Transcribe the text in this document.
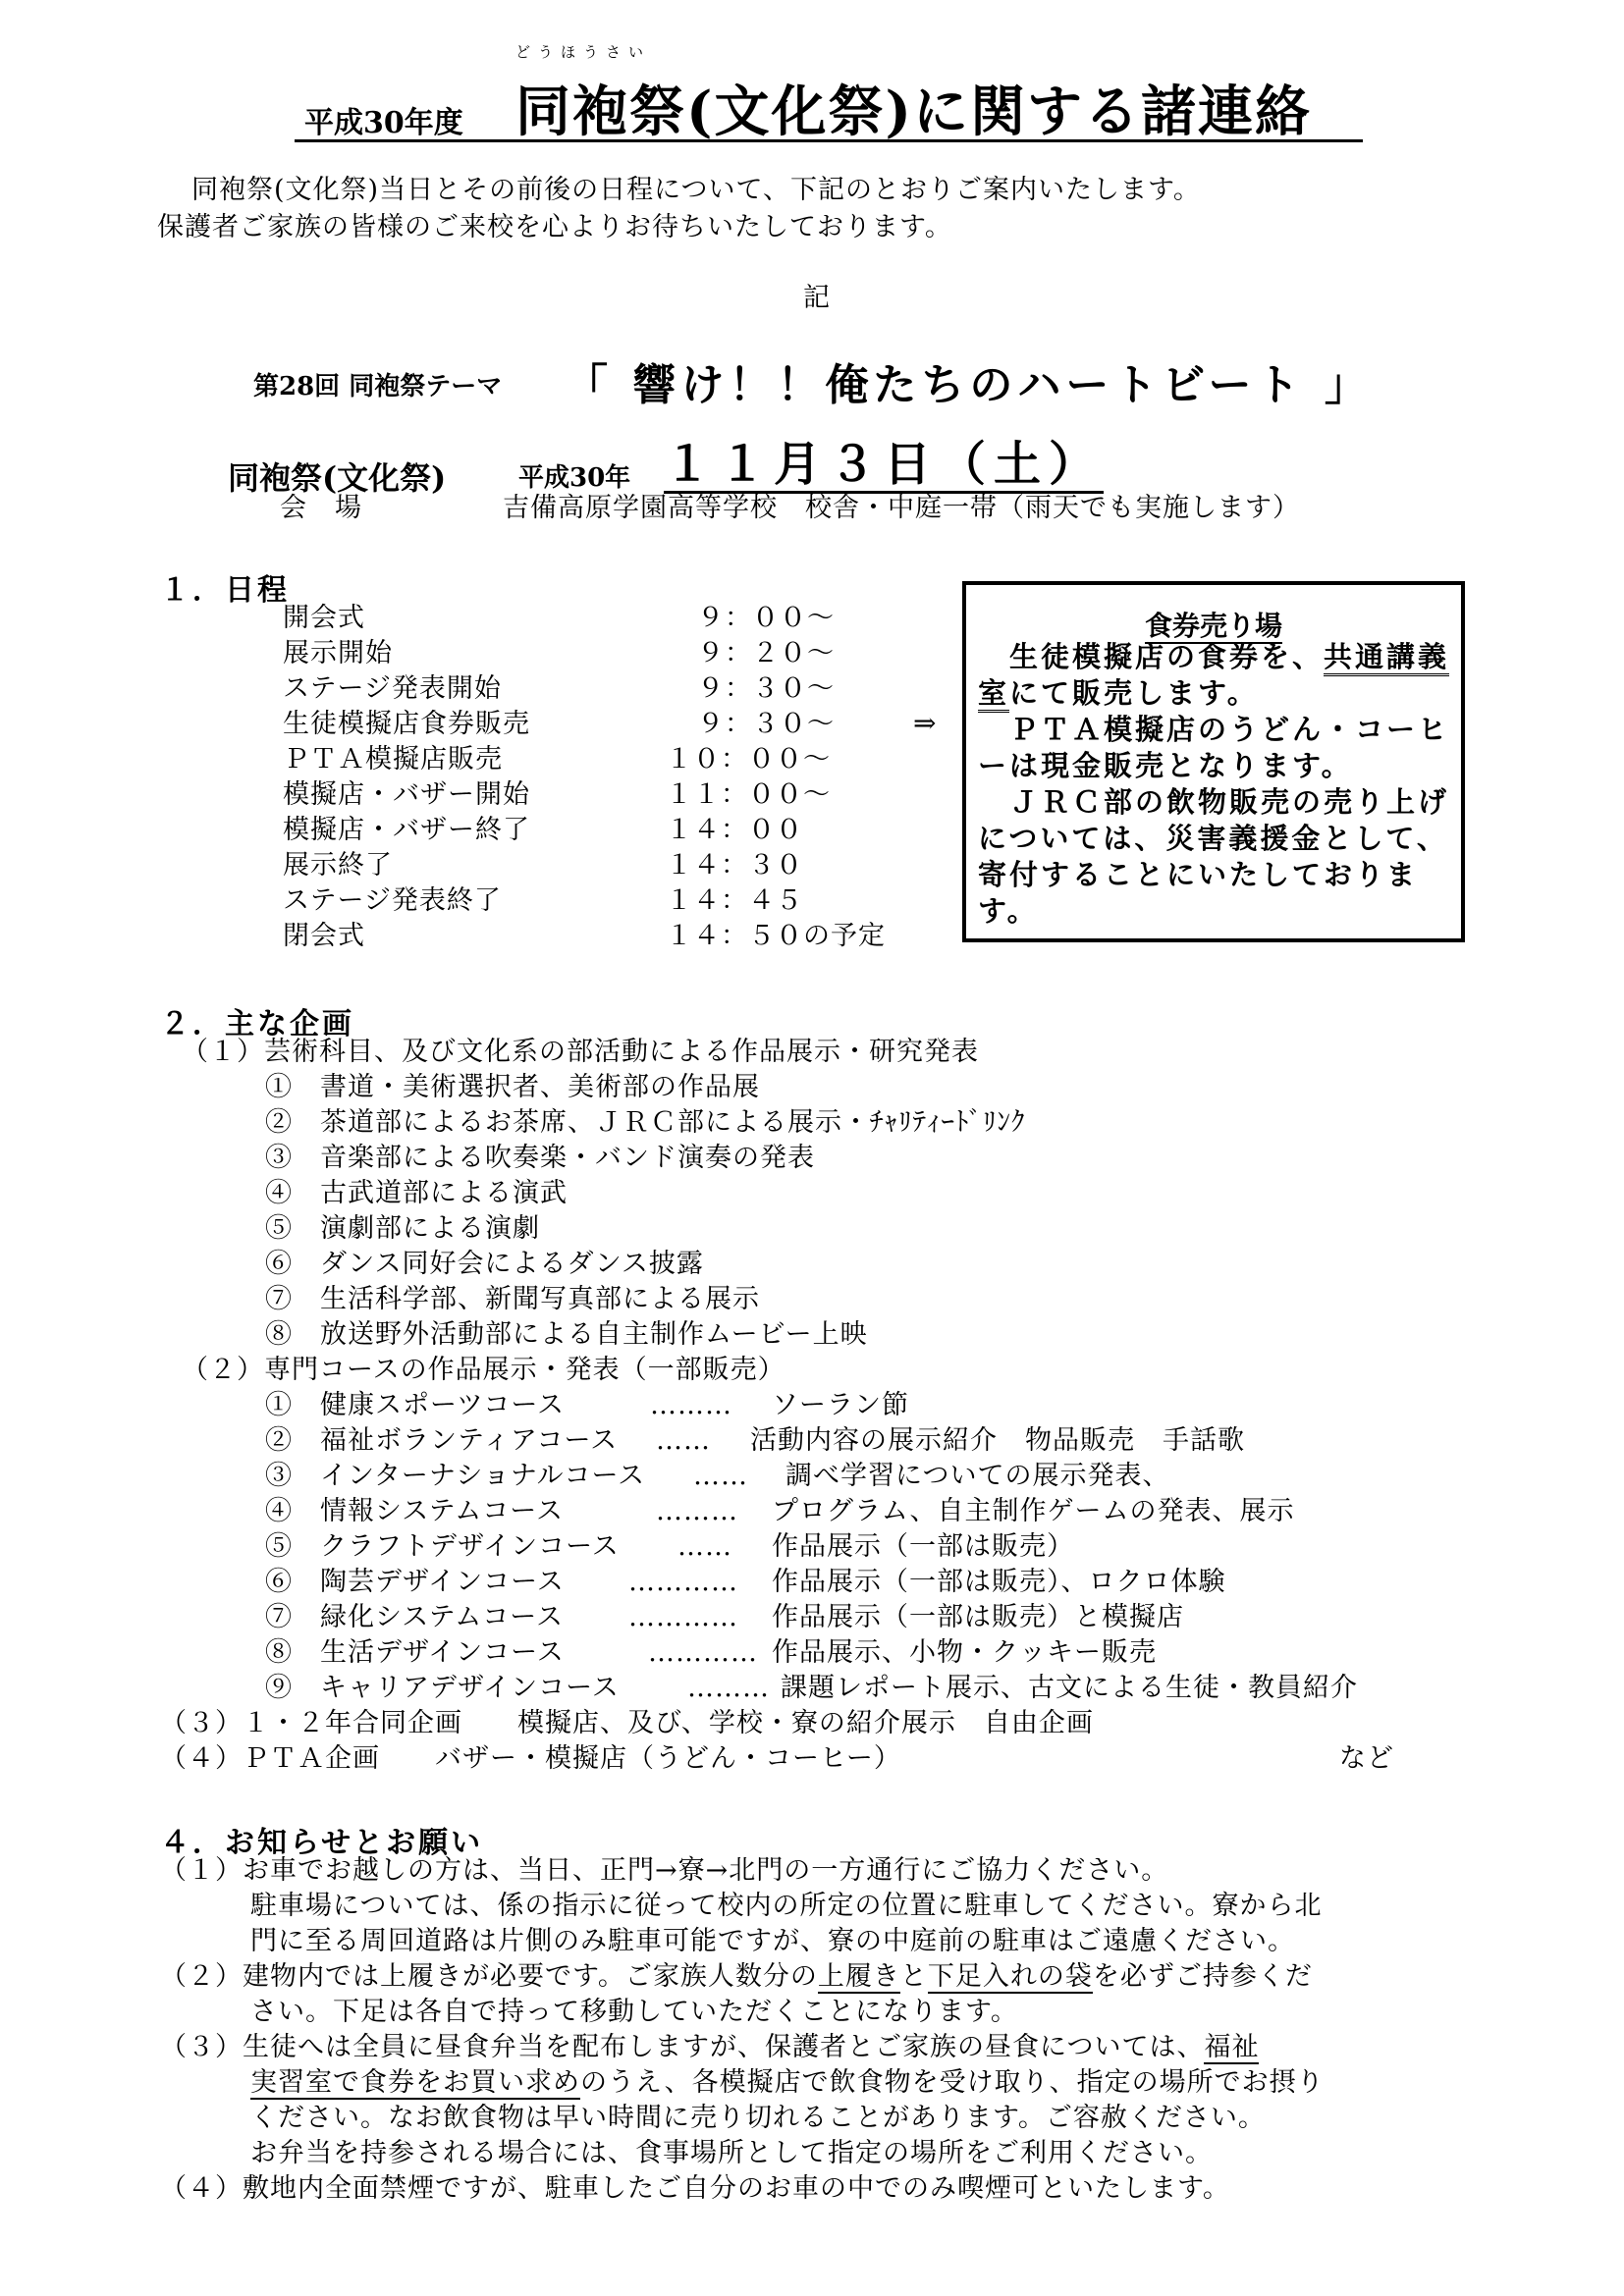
どうほうさい
平成30年度 同袍祭(文化祭)に関する諸連絡
同袍祭(文化祭)当日とその前後の日程について、下記のとおりご案内いたします。
保護者ご家族の皆様のご来校を心よりお待ちいたしております。
記
第28回 同袍祭テーマ 「 響け！！俺たちのハートビート 」
同袍祭(文化祭)	平成30年 １１月３日（土）
会　場	吉備高原学園高等学校　校舎・中庭一帯（雨天でも実施します）
１．日程
開会式	９：００～
展示開始	９：２０～
ステージ発表開始	９：３０～
生徒模擬店食券販売	９：３０～	⇒
ＰＴＡ模擬店販売	１０：００～
模擬店・バザー開始	１１：００～
模擬店・バザー終了	１４：００
展示終了	１４：３０
ステージ発表終了	１４：４５
閉会式	１４：５０の予定
食券売り場
　生徒模擬店の食券を、共通講義室にて販売します。
　ＰＴＡ模擬店のうどん・コーヒーは現金販売となります。
　ＪＲＣ部の飲物販売の売り上げについては、災害義援金として、寄付することにいたしております。
２．主な企画
（１）芸術科目、及び文化系の部活動による作品展示・研究発表
①　書道・美術選択者、美術部の作品展
②　茶道部によるお茶席、ＪＲＣ部による展示・ﾁｬﾘﾃｨｰﾄﾞﾘﾝｸ
③　音楽部による吹奏楽・バンド演奏の発表
④　古武道部による演武
⑤　演劇部による演劇
⑥　ダンス同好会によるダンス披露
⑦　生活科学部、新聞写真部による展示
⑧　放送野外活動部による自主制作ムービー上映
（２）専門コースの作品展示・発表（一部販売）
①　健康スポーツコース	……… ソーラン節
②　福祉ボランティアコース …… 活動内容の展示紹介　物品販売　手話歌
③　インターナショナルコース …… 調べ学習についての展示発表、
④　情報システムコース	……… プログラム、自主制作ゲームの発表、展示
⑤　クラフトデザインコース …… 作品展示（一部は販売）
⑥　陶芸デザインコース ………… 作品展示（一部は販売）、ロクロ体験
⑦　緑化システムコース ………… 作品展示（一部は販売）と模擬店
⑧　生活デザインコース	………… 作品展示、小物・クッキー販売
⑨　キャリアデザインコース	……… 課題レポート展示、古文による生徒・教員紹介
（３）１・２年合同企画　　模擬店、及び、学校・寮の紹介展示　自由企画
（４）ＰＴＡ企画　　バザー・模擬店（うどん・コーヒー）	など
４．お知らせとお願い
（１）お車でお越しの方は、当日、正門→寮→北門の一方通行にご協力ください。
駐車場については、係の指示に従って校内の所定の位置に駐車してください。寮から北
門に至る周回道路は片側のみ駐車可能ですが、寮の中庭前の駐車はご遠慮ください。
（２）建物内では上履きが必要です。ご家族人数分の上履きと下足入れの袋を必ずご持参くだ
さい。下足は各自で持って移動していただくことになります。
（３）生徒へは全員に昼食弁当を配布しますが、保護者とご家族の昼食については、福祉
実習室で食券をお買い求めのうえ、各模擬店で飲食物を受け取り、指定の場所でお摂り
ください。なお飲食物は早い時間に売り切れることがあります。ご容赦ください。
お弁当を持参される場合には、食事場所として指定の場所をご利用ください。
（４）敷地内全面禁煙ですが、駐車したご自分のお車の中でのみ喫煙可といたします。
